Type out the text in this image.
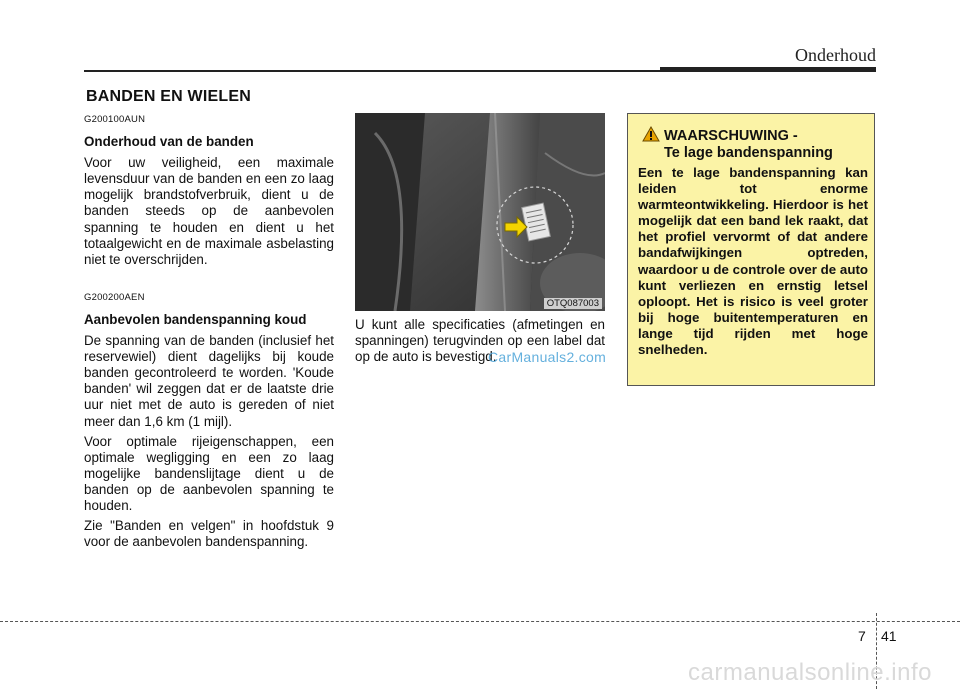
Onderhoud
BANDEN EN WIELEN
G200100AUN
Onderhoud van de banden

Voor uw veiligheid, een maximale levensduur van de banden en een zo laag mogelijk brandstofverbruik, dient u de banden steeds op de aanbevolen spanning te houden en dient u het totaalgewicht en de maximale asbelasting niet te overschrijden.

G200200AEN
Aanbevolen bandenspanning koud

De spanning van de banden (inclusief het reservewiel) dient dagelijks bij koude banden gecontroleerd te worden. 'Koude banden' wil zeggen dat er de laatste drie uur niet met de auto is gereden of niet meer dan 1,6 km (1 mijl).

Voor optimale rijeigenschappen, een optimale wegligging en een zo laag mogelijke bandenslijtage dient u de banden op de aanbevolen spanning te houden.

Zie "Banden en velgen" in hoofdstuk 9 voor de aanbevolen bandenspanning.

OTQ087003
U kunt alle specificaties (afmetingen en spanningen) terugvinden op een label dat op de auto is bevestigd.
CarManuals2.com
WAARSCHUWING -
Te lage bandenspanning
Een te lage bandenspanning kan leiden tot enorme warmteontwikkeling. Hierdoor is het mogelijk dat een band lek raakt, dat het profiel vervormt of dat andere bandafwijkingen optreden, waardoor u de controle over de auto kunt verliezen en ernstig letsel oploopt. Het is risico is veel groter bij hoge buitentemperaturen en lange tijd rijden met hoge snelheden.
7 41
carmanualsonline.info
